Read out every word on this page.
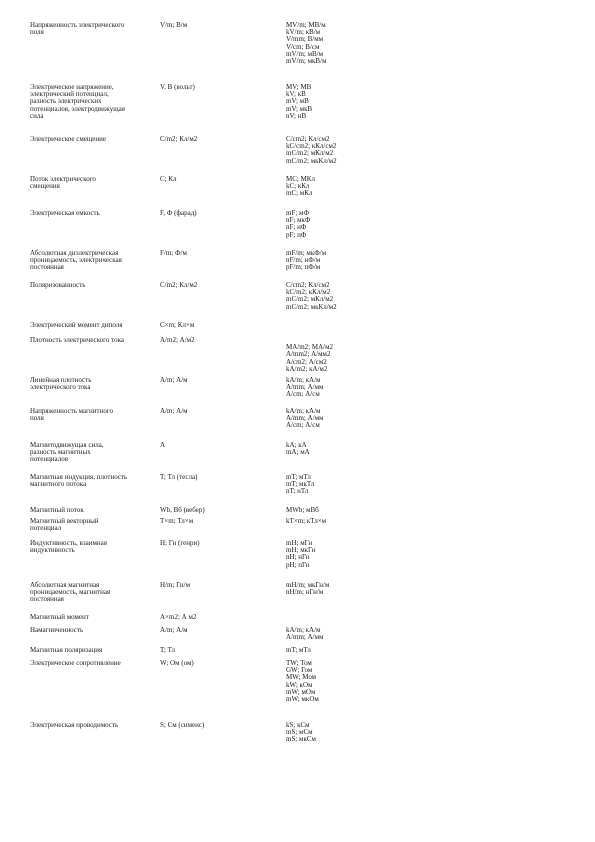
Напряженность электрического
поля
V/m; В/м	MV/m; МВ/м
kV/m; кВ/м
V/mm; В/мм
V/cm; В/см
mV/m; мВ/м
mV/m; мкВ/м
Электрическое напряжение,
электрический потенциал,
разность электрических
потенциалов, электродвижущая
сила
V, В (вольт)	MV; МВ
kV; кВ
mV; мВ
mV; мкВ
nV; нВ
Электрическое смещение	C/m2; Кл/м2	C/cm2; Кл/см2
kC/cm2; кКл/см2
mC/m2; мКл/м2
mC/m2; мкКл/м2
Поток электрического
смещения
C; Кл	MC; МКл
kC; кКл
mC; мКл
Электрическая емкость	F, Ф (фарад)	mF; мФ
nF; мкФ
nF; нФ
pF; пФ
Абсолютная диэлектрическая
проницаемость, электрическая
постоянная
F/m; Ф/м	mF/m; мкФ/м
nF/m; нФ/м
pF/m; пФ/м
Поляризованность	C/m2; Кл/м2	C/cm2; Кл/см2
kC/m2; кКл/м2
mC/m2; мКл/м2
mC/m2; мкКл/м2
Электрический момент диполя	C×m; Кл×м
Плотность электрического тока	A/m2; А/м2

MA/m2; МА/м2
A/mm2; А/мм2
A/cm2; А/см2
kA/m2; кА/м2
Линейная плотность
электрического тока
A/m; А/м	kA/m; кА/м
A/mm; А/мм
A/cm; А/см
Напряженность магнитного
поля
A/m; А/м	kA/m; кА/м
A/mm; А/мм
A/cm; А/см
Магнитодвижущая сила,
разность магнитных
потенциалов
A	kA; кА
mA; мА
Магнитная индукция, плотность
магнитного потока
T; Тл (тесла)	mT; мТл
mT; мкТл
nT; нТл
Магнитный поток	Wb, Вб (вебер)	MWb; мВб
Магнитный векторный
потенциал
T×m; Тл×м	kT×m; кТл×м
Индуктивность, взаимная
индуктивность
H; Гн (генри)	mH; мГн
mH; мкГн
nH; нГн
pH; пГн
Абсолютная магнитная
проницаемость, магнитная
постоянная
H/m; Гн/м	mH/m; мкГн/м
nH/m; нГн/м
Магнитный момент	A×m2; А м2
Намагниченность	A/m; А/м	kA/m; кА/м
A/mm; А/мм
Магнитная поляризация	T; Тл	mT; мТл
Электрическое сопротивление	W; Ом (ом)	TW; Том
GW; Гом
MW; Мом
kW; кОм
mW; мОм
mW; мкОм
Электрическая проводимость	S; См (сименс)	kS; кСм
mS; мСм
mS; мкСм
